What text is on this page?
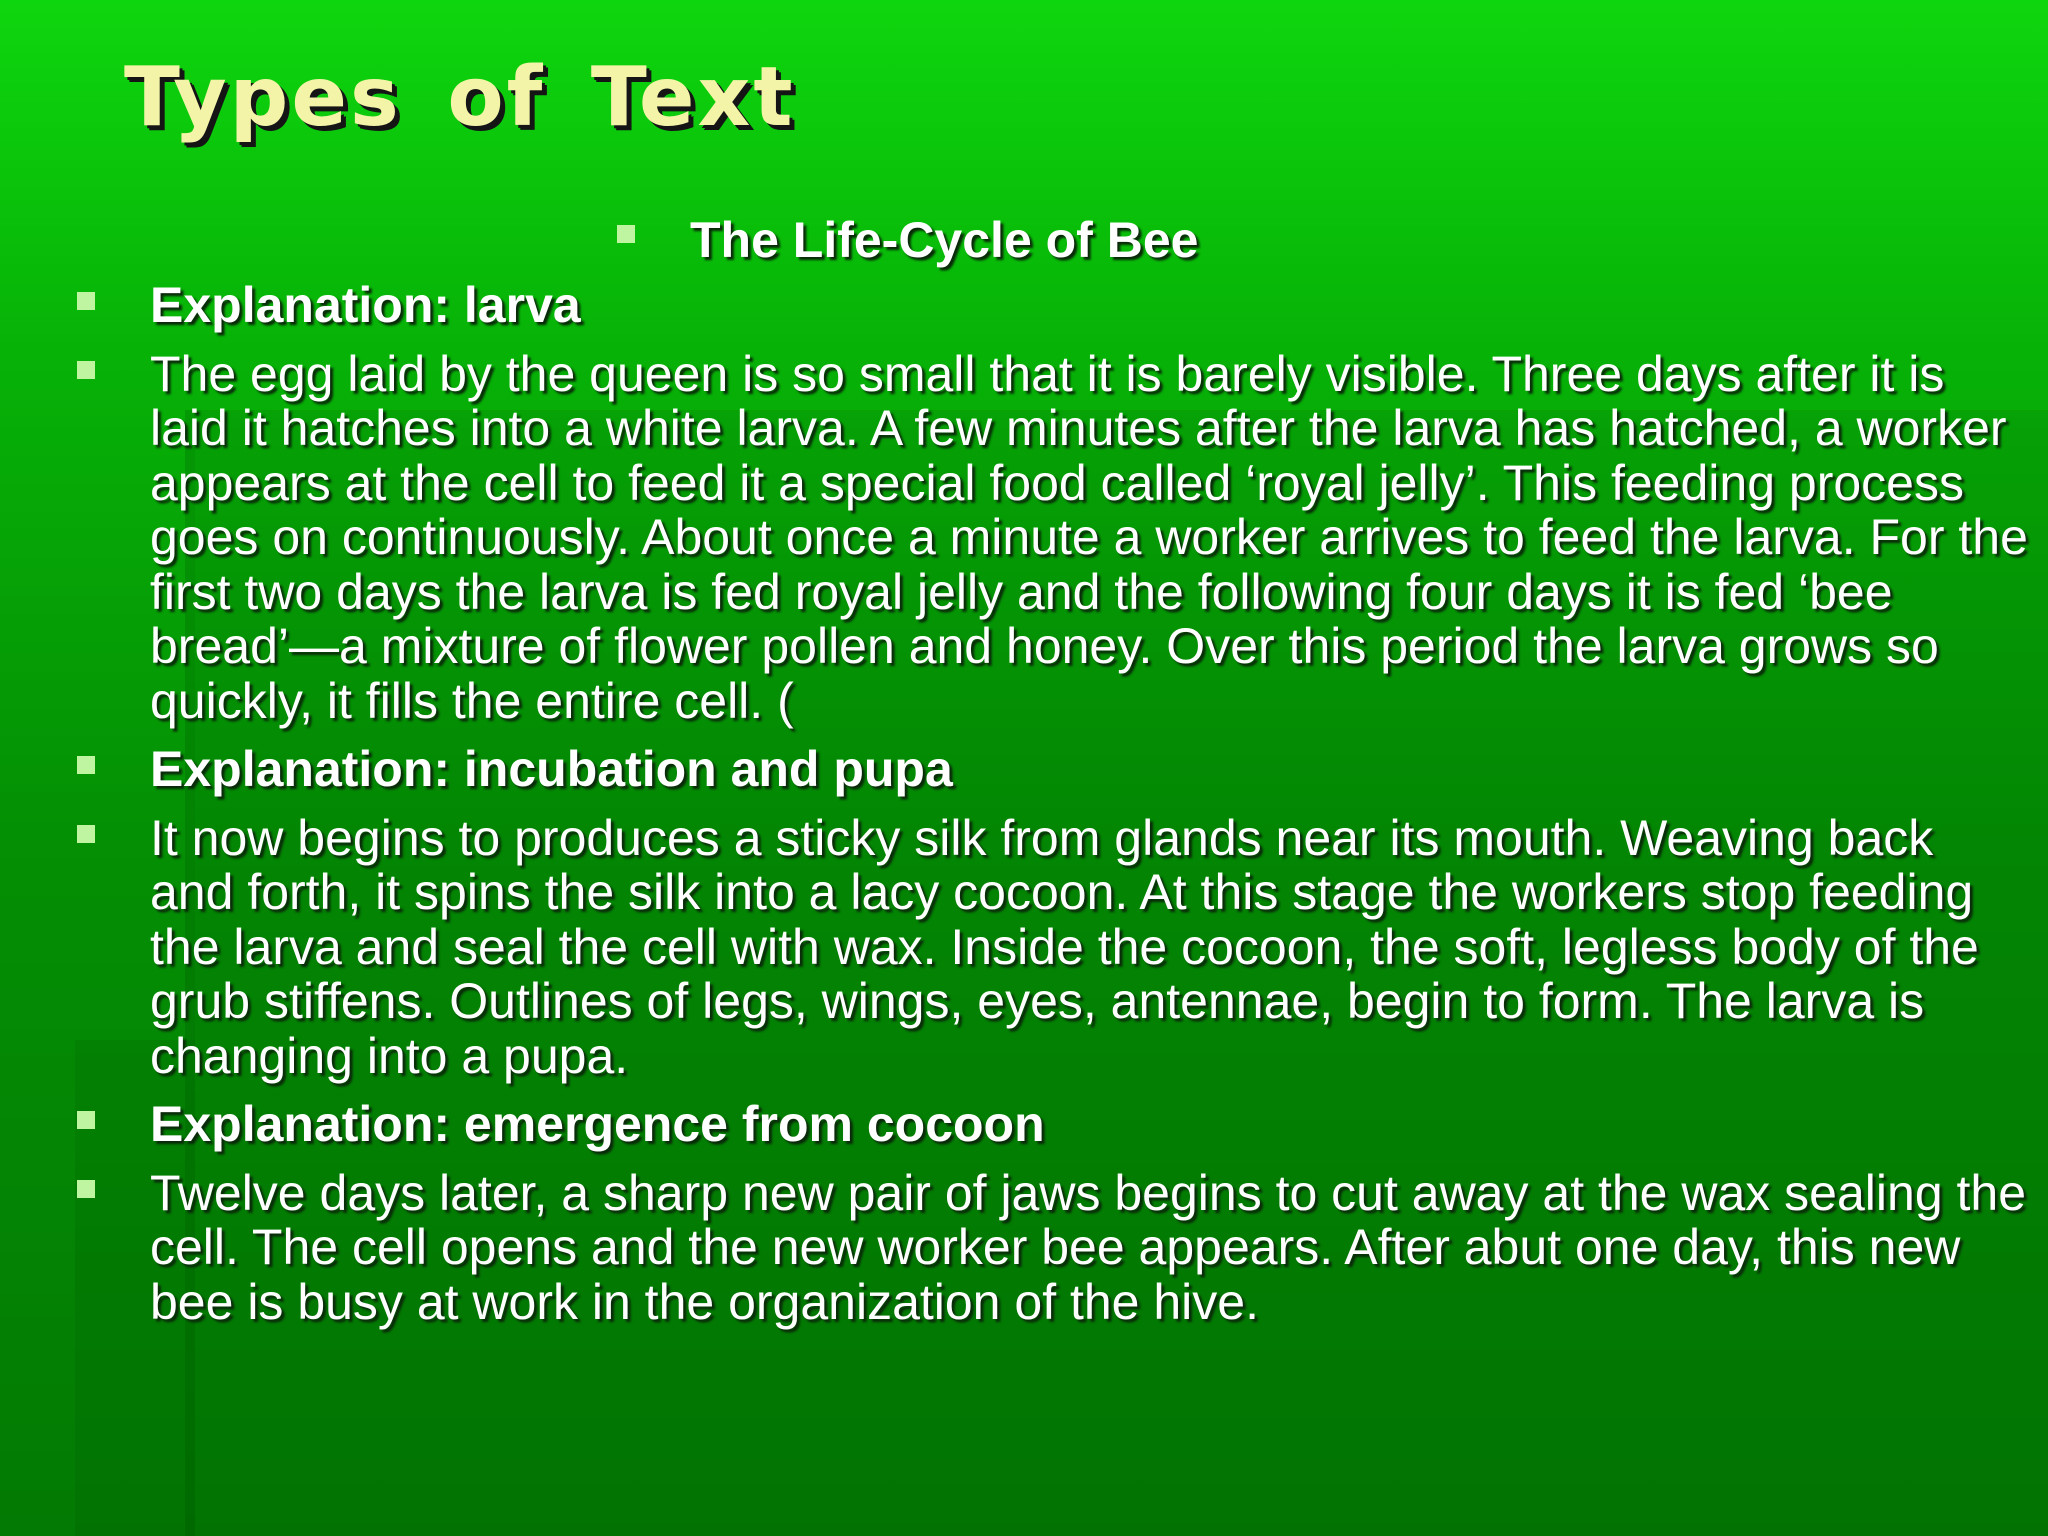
Types of Text
The Life-Cycle of Bee
Explanation: larva
The egg laid by the queen is so small that it is barely visible. Three days after it is laid it hatches into a white larva. A few minutes after the larva has hatched, a worker appears at the cell to feed it a special food called ‘royal jelly’. This feeding process goes on continuously. About once a minute a worker arrives to feed the larva. For the first two days the larva is fed royal jelly and the following four days it is fed ‘bee bread’—a mixture of flower pollen and honey. Over this period the larva grows so quickly, it fills the entire cell. (
Explanation: incubation and pupa
It now begins to produces a sticky silk from glands near its mouth. Weaving back and forth, it spins the silk into a lacy cocoon. At this stage the workers stop feeding the larva and seal the cell with wax. Inside the cocoon, the soft, legless body of the grub stiffens. Outlines of legs, wings, eyes, antennae, begin to form. The larva is changing into a pupa.
Explanation: emergence from cocoon
Twelve days later, a sharp new pair of jaws begins to cut away at the wax sealing the cell. The cell opens and the new worker bee appears. After abut one day, this new bee is busy at work in the organization of the hive.
